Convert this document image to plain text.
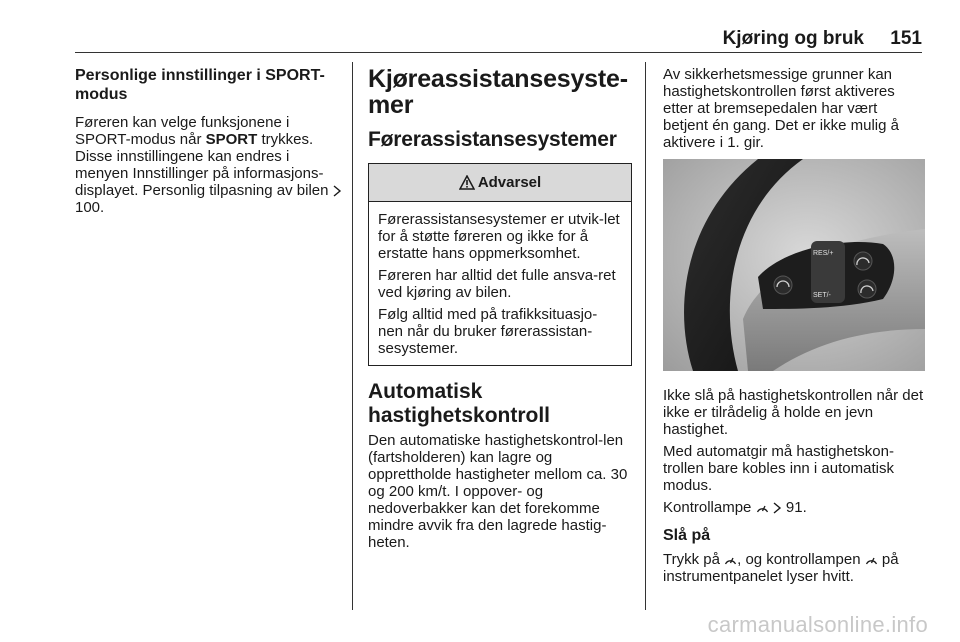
Kjøring og bruk 151
Personlige innstillinger i SPORT-modus

Føreren kan velge funksjonene i SPORT-modus når SPORT trykkes. Disse innstillingene kan endres i menyen Innstillinger på informasjons-displayet. Personlig tilpasning av bilen  100.

Kjøreassistansesyste-mer
Førerassistansesystemer
Advarsel

Førerassistansesystemer er utvik-let for å støtte føreren og ikke for å erstatte hans oppmerksomhet.

Føreren har alltid det fulle ansva-ret ved kjøring av bilen.

Følg alltid med på trafikksituasjo-nen når du bruker førerassistan-sesystemer.

Automatisk hastighetskontroll

Den automatiske hastighetskontrol-len (fartsholderen) kan lagre og opprettholde hastigheter mellom ca. 30 og 200 km/t. I oppover- og nedoverbakker kan det forekomme mindre avvik fra den lagrede hastig-heten.

Av sikkerhetsmessige grunner kan hastighetskontrollen først aktiveres etter at bremsepedalen har vært betjent én gang. Det er ikke mulig å aktivere i 1. gir.

RES/+
SET/-

Ikke slå på hastighetskontrollen når det ikke er tilrådelig å holde en jevn hastighet.

Med automatgir må hastighetskon-trollen bare kobles inn i automatisk modus.

Kontrollampe   91.

Slå på

Trykk på , og kontrollampen  på instrumentpanelet lyser hvitt.

carmanualsonline.info
